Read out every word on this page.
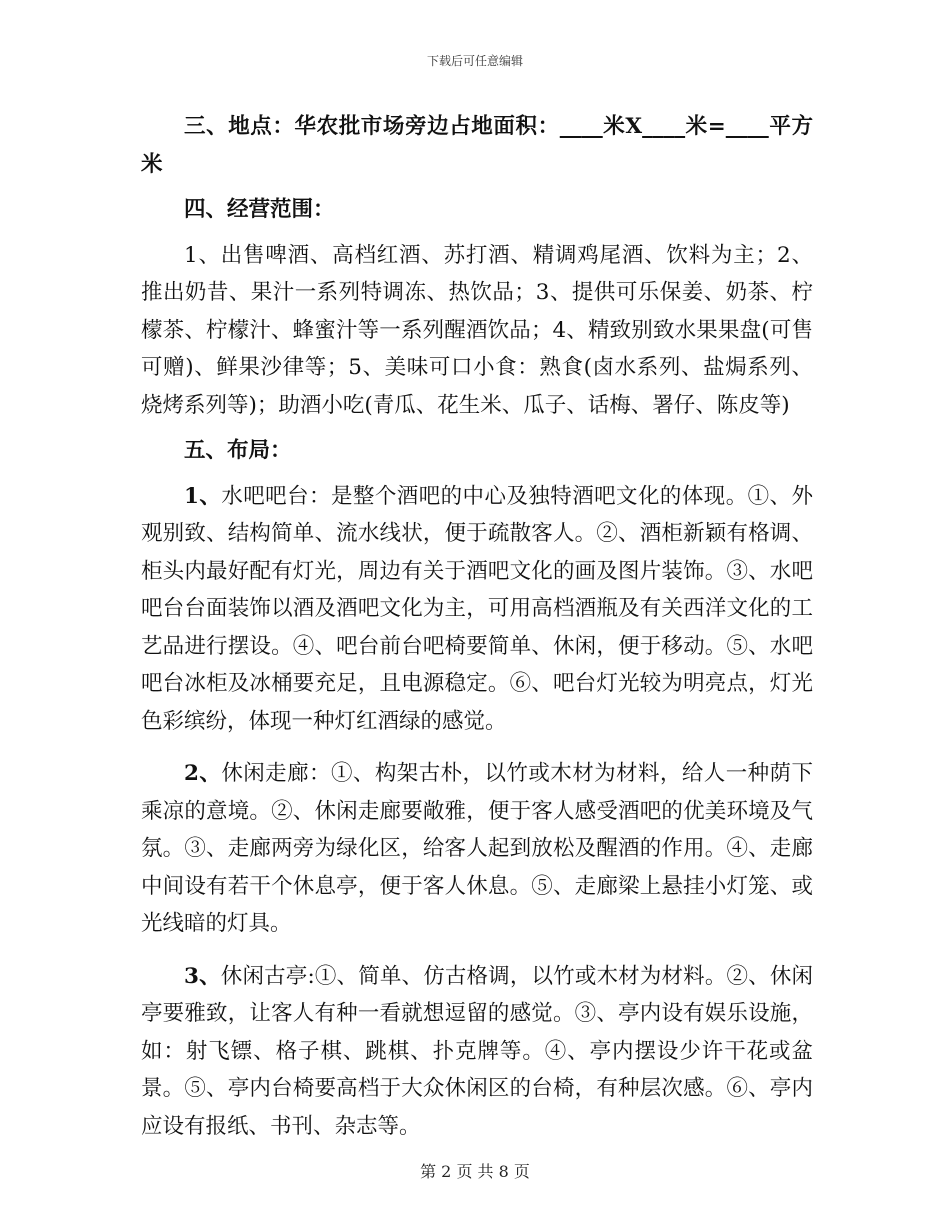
下载后可任意编辑

三、地点：华农批市场旁边占地面积：____米X____米=____平方米

四、经营范围：

1、出售啤酒、高档红酒、苏打酒、精调鸡尾酒、饮料为主；2、推出奶昔、果汁一系列特调冻、热饮品；3、提供可乐保姜、奶茶、柠檬茶、柠檬汁、蜂蜜汁等一系列醒酒饮品；4、精致别致水果果盘(可售可赠)、鲜果沙律等；5、美味可口小食：熟食(卤水系列、盐焗系列、烧烤系列等)；助酒小吃(青瓜、花生米、瓜子、话梅、署仔、陈皮等)

五、布局：

1、水吧吧台：是整个酒吧的中心及独特酒吧文化的体现。①、外观别致、结构简单、流水线状，便于疏散客人。②、酒柜新颖有格调、柜头内最好配有灯光，周边有关于酒吧文化的画及图片装饰。③、水吧吧台台面装饰以酒及酒吧文化为主，可用高档酒瓶及有关西洋文化的工艺品进行摆设。④、吧台前台吧椅要简单、休闲，便于移动。⑤、水吧吧台冰柜及冰桶要充足，且电源稳定。⑥、吧台灯光较为明亮点，灯光色彩缤纷，体现一种灯红酒绿的感觉。

2、休闲走廊：①、构架古朴，以竹或木材为材料，给人一种荫下乘凉的意境。②、休闲走廊要敞雅，便于客人感受酒吧的优美环境及气氛。③、走廊两旁为绿化区，给客人起到放松及醒酒的作用。④、走廊中间设有若干个休息亭，便于客人休息。⑤、走廊梁上悬挂小灯笼、或光线暗的灯具。

3、休闲古亭:①、简单、仿古格调，以竹或木材为材料。②、休闲亭要雅致，让客人有种一看就想逗留的感觉。③、亭内设有娱乐设施，如：射飞镖、格子棋、跳棋、扑克牌等。④、亭内摆设少许干花或盆景。⑤、亭内台椅要高档于大众休闲区的台椅，有种层次感。⑥、亭内应设有报纸、书刊、杂志等。

第 2 页 共 8 页
